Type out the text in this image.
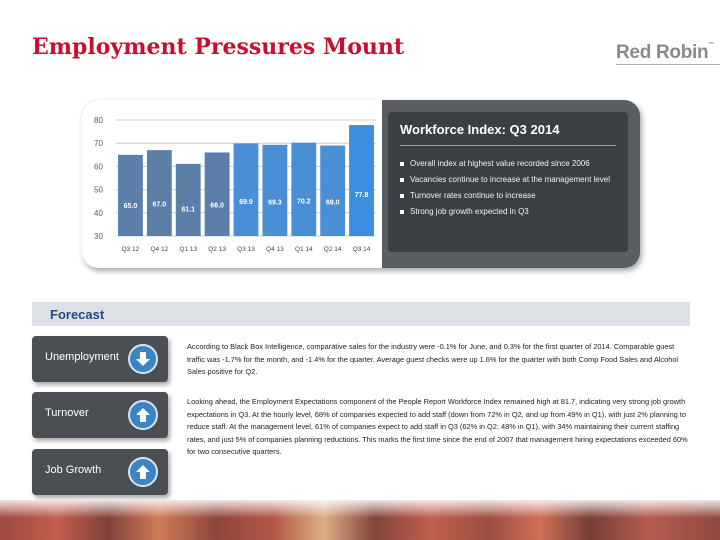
Employment Pressures Mount	Red Robin™
80
70
60
50
40
30
65.0
Q3 12
67.0
Q4 12
61.1
Q1 13
66.0
Q2 13
69.9
Q3 13
69.3
Q4 13
70.2
Q1 14
69.0
Q2 14
77.8
Q3 14
Workforce Index: Q3 2014
Overall index at highest value recorded since 2006
Vacancies continue to increase at the management level
Turnover rates continue to increase
Strong job growth expected in Q3
Forecast
Unemployment
Turnover
Job Growth

According to Black Box Intelligence, comparative sales for the industry were -0.1% for June, and 0.3% for the first quarter of 2014. Comparable guest traffic was -1.7% for the month, and -1.4% for the quarter. Average guest checks were up 1.6% for the quarter with both Comp Food Sales and Alcohol Sales positive for Q2.

Looking ahead, the Employment Expectations component of the People Report Workforce Index remained high at 81.7, indicating very strong job growth expectations in Q3. At the hourly level, 68% of companies expected to add staff (down from 72% in Q2, and up from 49% in Q1), with just 2% planning to reduce staff. At the management level, 61% of companies expect to add staff in Q3 (62% in Q2; 48% in Q1), with 34% maintaining their current staffing rates, and just 5% of companies planning reductions. This marks the first time since the end of 2007 that management hiring expectations exceeded 60% for two consecutive quarters.
